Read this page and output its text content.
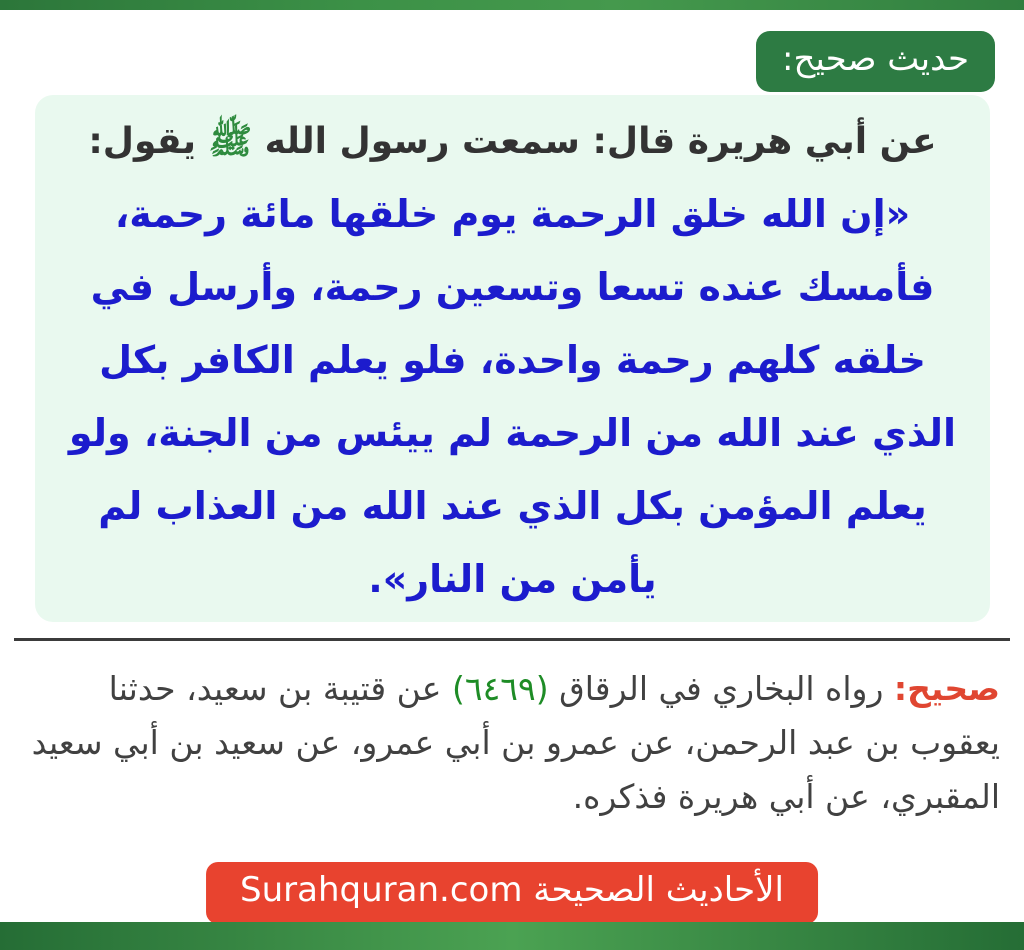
حديث صحيح:
عن أبي هريرة قال: سمعت رسول الله ﷺ يقول:
«إن الله خلق الرحمة يوم خلقها مائة رحمة، فأمسك عنده تسعا وتسعين رحمة، وأرسل في خلقه كلهم رحمة واحدة، فلو يعلم الكافر بكل الذي عند الله من الرحمة لم ييئس من الجنة، ولو يعلم المؤمن بكل الذي عند الله من العذاب لم يأمن من النار».

صحيح: رواه البخاري في الرقاق (٦٤٦٩) عن قتيبة بن سعيد، حدثنا يعقوب بن عبد الرحمن، عن عمرو بن أبي عمرو، عن سعيد بن أبي سعيد المقبري، عن أبي هريرة فذكره.

الأحاديث الصحيحة Surahquran.com
